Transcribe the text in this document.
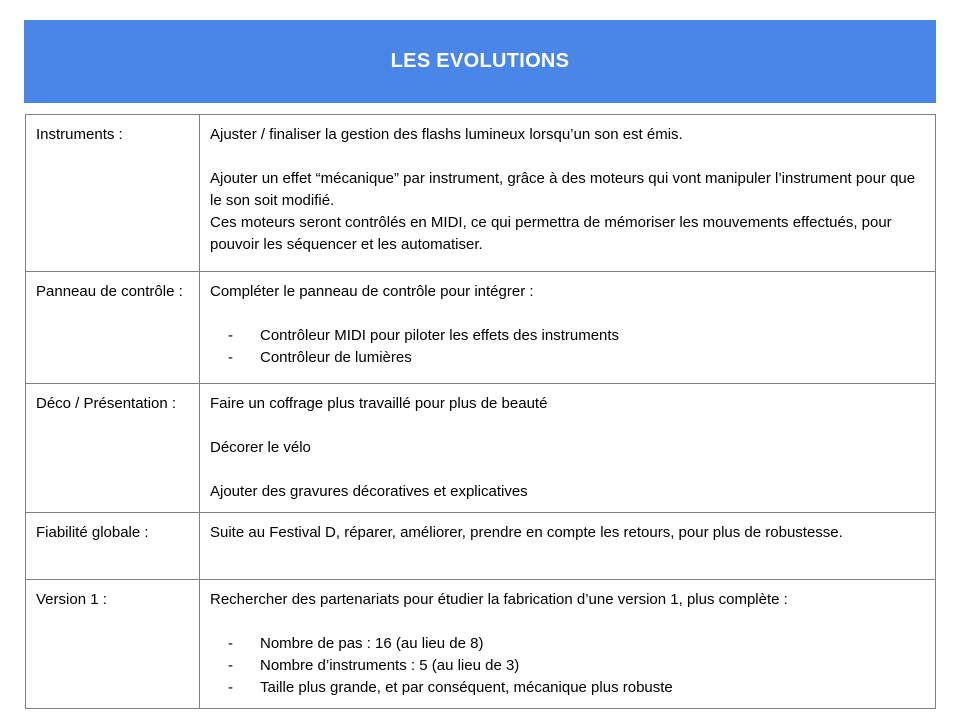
LES EVOLUTIONS

Instruments :	Ajuster / finaliser la gestion des flashs lumineux lorsqu’un son est émis.

Ajouter un effet “mécanique” par instrument, grâce à des moteurs qui vont manipuler l’instrument pour que le son soit modifié.

Ces moteurs seront contrôlés en MIDI, ce qui permettra de mémoriser les mouvements effectués, pour pouvoir les séquencer et les automatiser.

Panneau de contrôle :	Compléter le panneau de contrôle pour intégrer :

- Contrôleur MIDI pour piloter les effets des instruments
- Contrôleur de lumières

Déco / Présentation :	Faire un coffrage plus travaillé pour plus de beauté

Décorer le vélo

Ajouter des gravures décoratives et explicatives

Fiabilité globale :	Suite au Festival D, réparer, améliorer, prendre en compte les retours, pour plus de robustesse.

Version 1 :	Rechercher des partenariats pour étudier la fabrication d’une version 1, plus complète :

-	Nombre de pas : 16 (au lieu de 8)
-	Nombre d’instruments : 5 (au lieu de 3)
-	Taille plus grande, et par conséquent, mécanique plus robuste
